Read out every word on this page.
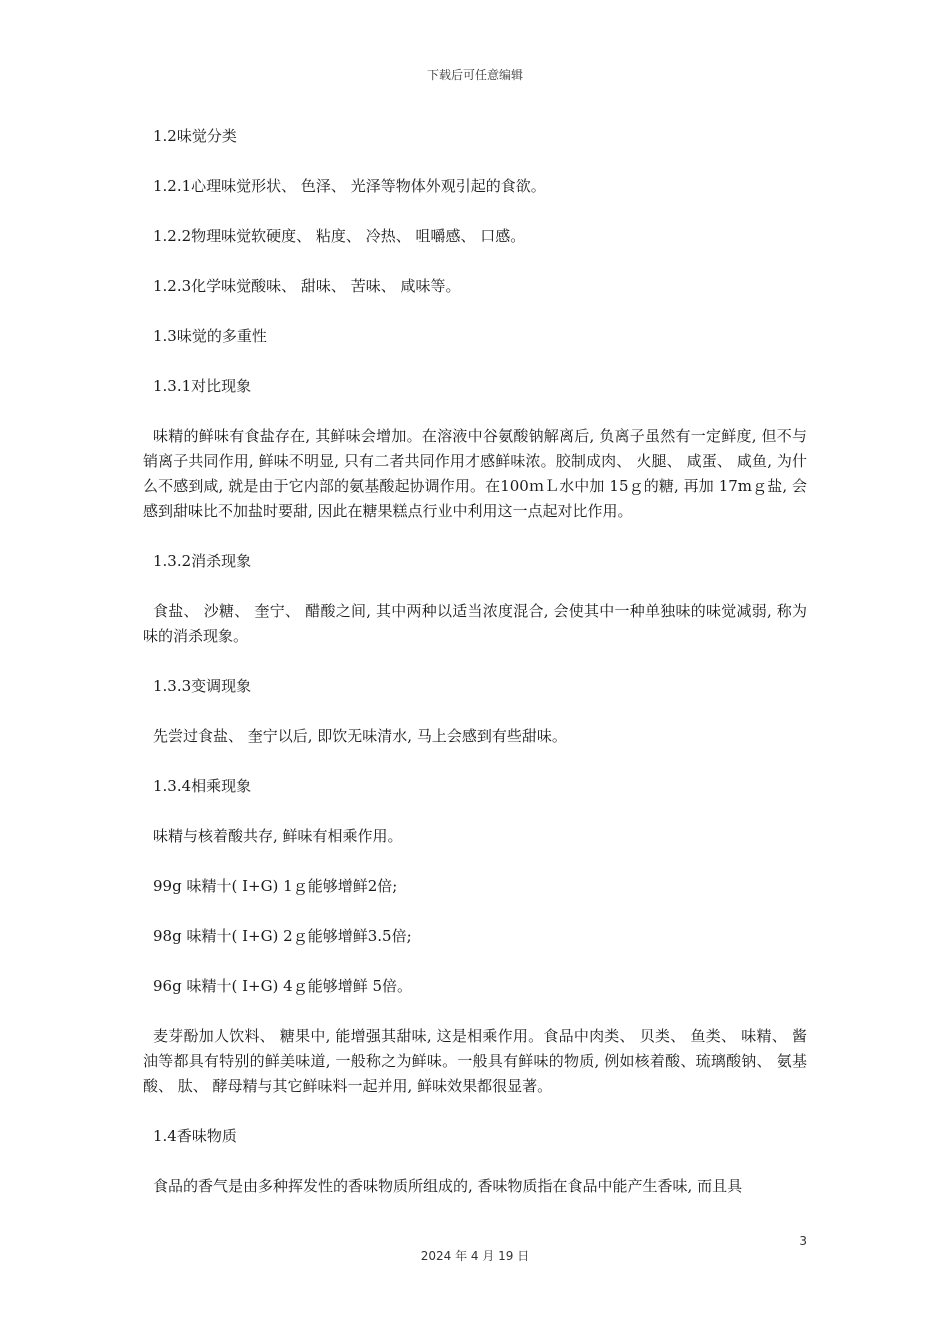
下载后可任意编辑

1.2味觉分类

1.2.1心理味觉形状、 色泽、 光泽等物体外观引起的食欲。

1.2.2物理味觉软硬度、 粘度、 冷热、 咀嚼感、 口感。

1.2.3化学味觉酸味、 甜味、 苦味、 咸味等。

1.3味觉的多重性

1.3.1对比现象

味精的鲜味有食盐存在, 其鲜味会增加。在溶液中谷氨酸钠解离后, 负离子虽然有一定鲜度, 但不与销离子共同作用, 鲜味不明显, 只有二者共同作用才感鲜味浓。胶制成肉、 火腿、 咸蛋、 咸鱼, 为什么不感到咸, 就是由于它内部的氨基酸起协调作用。在100ｍＬ水中加 15ｇ的糖, 再加 17mｇ盐, 会感到甜味比不加盐时要甜, 因此在糖果糕点行业中利用这一点起对比作用。

1.3.2消杀现象

食盐、 沙糖、 奎宁、 醋酸之间, 其中两种以适当浓度混合, 会使其中一种单独味的味觉减弱, 称为味的消杀现象。

1.3.3变调现象

先尝过食盐、 奎宁以后, 即饮无味清水, 马上会感到有些甜味。

1.3.4相乘现象

味精与核着酸共存, 鲜味有相乘作用。

99g 味精十( I+G) 1ｇ能够增鲜2倍;

98g 味精十( I+G) 2ｇ能够增鲜3.5倍;

96g 味精十( I+G) 4ｇ能够增鲜 5倍。

麦芽酚加人饮料、 糖果中, 能增强其甜味, 这是相乘作用。食品中肉类、 贝类、 鱼类、 味精、 酱油等都具有特别的鲜美味道, 一般称之为鲜味。一般具有鲜味的物质, 例如核着酸、琉璃酸钠、 氨基酸、 肽、 酵母精与其它鲜味料一起并用, 鲜味效果都很显著。

1.4香味物质

食品的香气是由多种挥发性的香味物质所组成的, 香味物质指在食品中能产生香味, 而且具

3
2024 年 4 月 19 日
